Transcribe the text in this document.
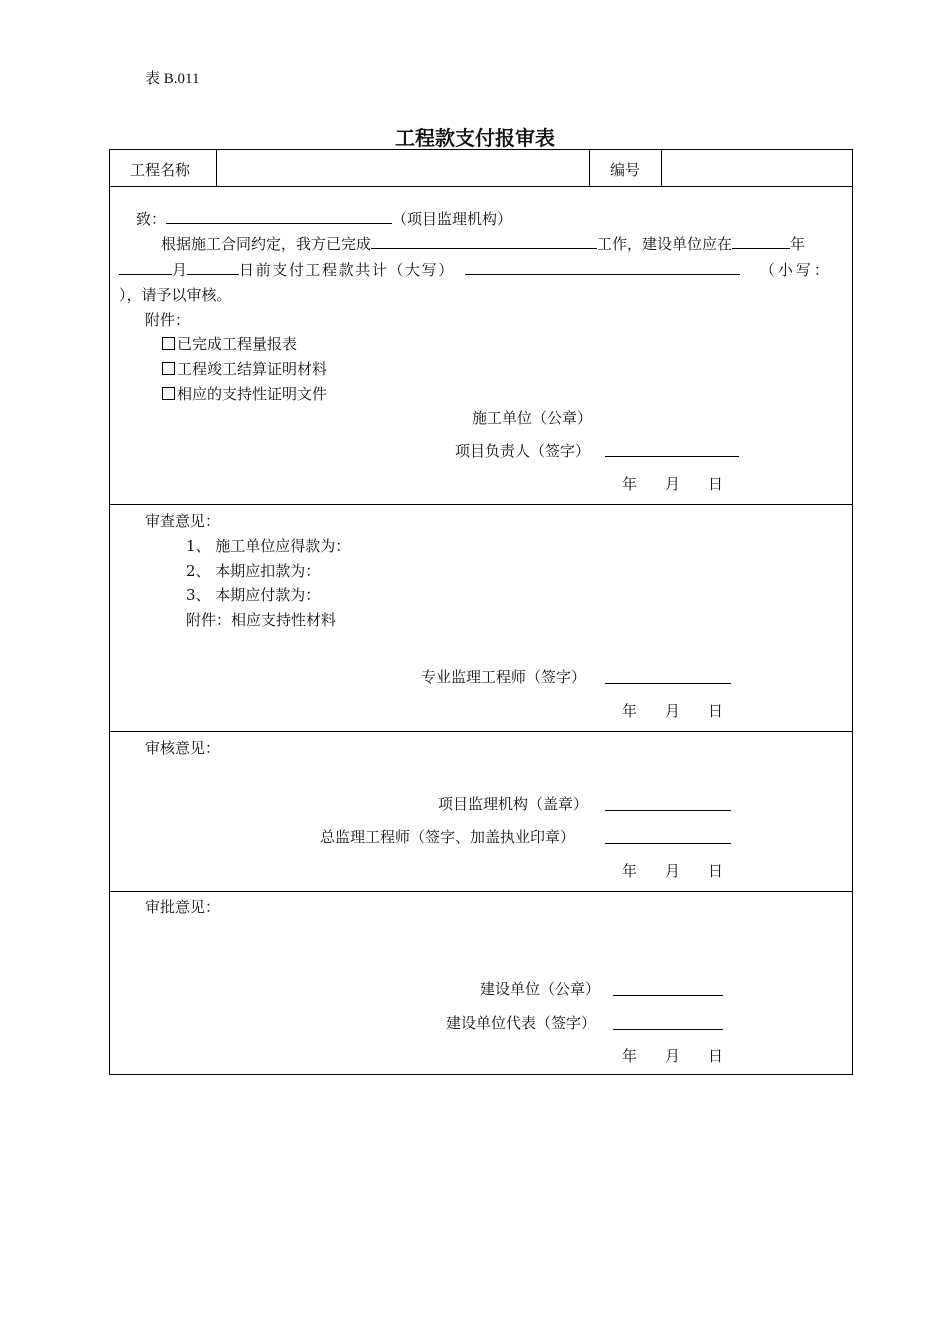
表 B.011
工程款支付报审表
工程名称	编号
致：	（项目监理机构）
根据施工合同约定，我方已完成	工作，建设单位应在	年
月	日前支付工程款共计（大写）	（小写：
），请予以审核。
附件：
已完成工程量报表
工程竣工结算证明材料
相应的支持性证明文件
施工单位（公章）
项目负责人（签字）
年 月 日
审查意见：
1、 施工单位应得款为：
2、 本期应扣款为：
3、 本期应付款为：
附件：相应支持性材料
专业监理工程师（签字）
年 月 日
审核意见：
项目监理机构（盖章）
总监理工程师（签字、加盖执业印章）
年 月 日
审批意见：
建设单位（公章）
建设单位代表（签字）
年 月 日
